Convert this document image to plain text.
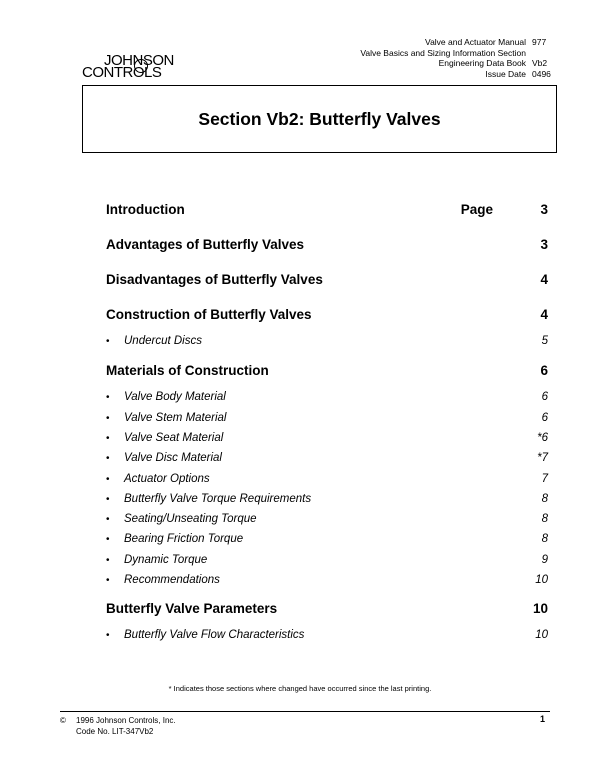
JOHNSON
CONTROLS
Valve and Actuator Manual 977
Valve Basics and Sizing Information Section
Engineering Data Book Vb2
Issue Date 0496
Section Vb2: Butterfly Valves
Introduction	Page	3
Advantages of Butterfly Valves	3
Disadvantages of Butterfly Valves	4
Construction of Butterfly Valves	4
•	Undercut Discs	5
Materials of Construction	6
•	Valve Body Material	6
•	Valve Stem Material	6
•	Valve Seat Material	*6
•	Valve Disc Material	*7
•	Actuator Options	7
•	Butterfly Valve Torque Requirements	8
•	Seating/Unseating Torque	8
•	Bearing Friction Torque	8
•	Dynamic Torque	9
•	Recommendations	10
Butterfly Valve Parameters	10
•	Butterfly Valve Flow Characteristics	10
* Indicates those sections where changed have occurred since the last printing.
© 1996 Johnson Controls, Inc.
Code No. LIT-347Vb2
1
